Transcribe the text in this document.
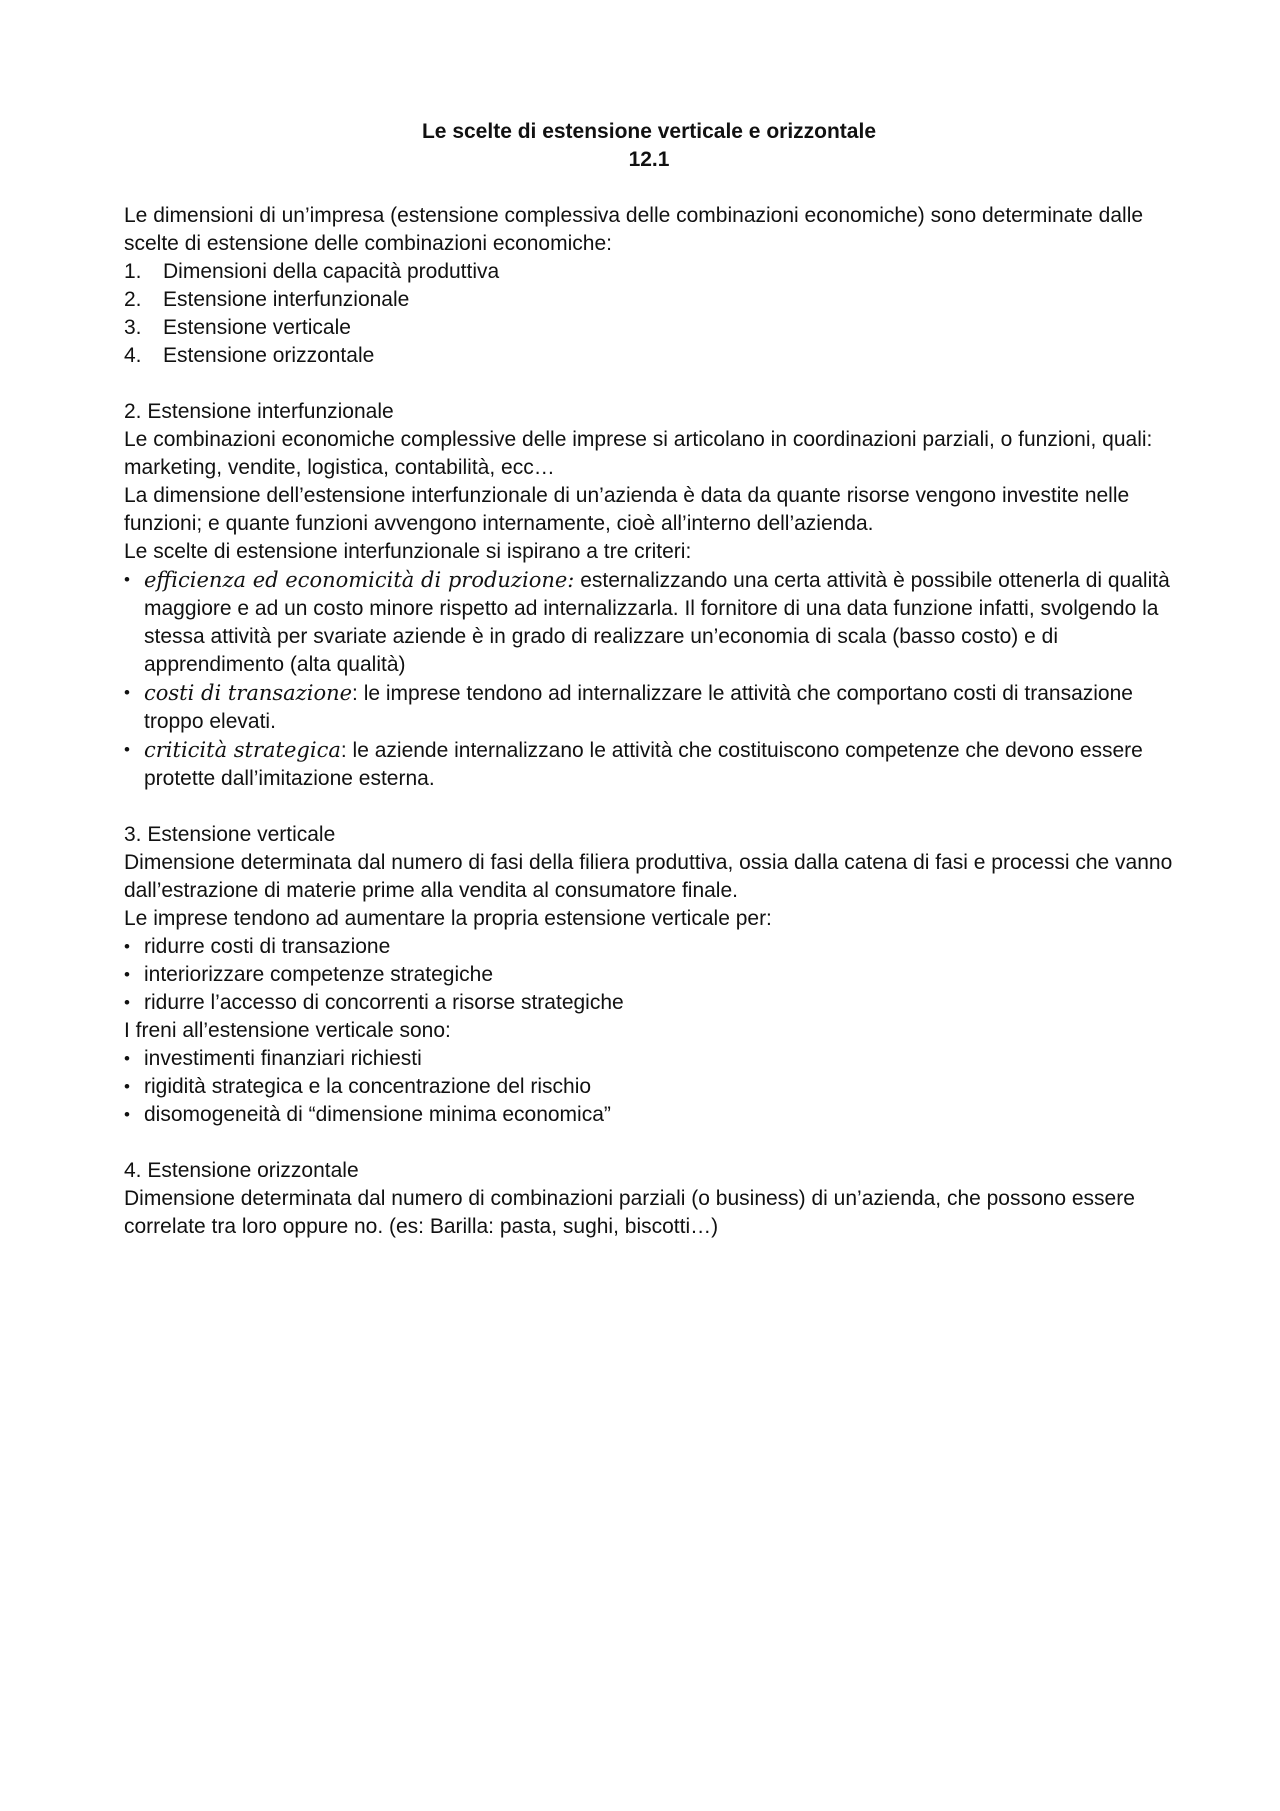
Le scelte di estensione verticale e orizzontale

12.1

Le dimensioni di un’impresa (estensione complessiva delle combinazioni economiche) sono determinate dalle scelte di estensione delle combinazioni economiche:

1.	Dimensioni della capacità produttiva
2.	Estensione interfunzionale
3.	Estensione verticale
4.	Estensione orizzontale

2. Estensione interfunzionale

Le combinazioni economiche complessive delle imprese si articolano in coordinazioni parziali, o funzioni, quali: marketing, vendite, logistica, contabilità, ecc…

La dimensione dell’estensione interfunzionale di un’azienda è data da quante risorse vengono investite nelle funzioni; e quante funzioni avvengono internamente, cioè all’interno dell’azienda.

Le scelte di estensione interfunzionale si ispirano a tre criteri:

• efficienza ed economicità di produzione: esternalizzando una certa attività è possibile ottenerla di qualità maggiore e ad un costo minore rispetto ad internalizzarla. Il fornitore di una data funzione infatti, svolgendo la stessa attività per svariate aziende è in grado di realizzare un’economia di scala (basso costo) e di apprendimento (alta qualità)
• costi di transazione: le imprese tendono ad internalizzare le attività che comportano costi di transazione troppo elevati.
• criticità strategica: le aziende internalizzano le attività che costituiscono competenze che devono essere protette dall’imitazione esterna.

3. Estensione verticale

Dimensione determinata dal numero di fasi della filiera produttiva, ossia dalla catena di fasi e processi che vanno dall’estrazione di materie prime alla vendita al consumatore finale.

Le imprese tendono ad aumentare la propria estensione verticale per:

• ridurre costi di transazione
• interiorizzare competenze strategiche
• ridurre l’accesso di concorrenti a risorse strategiche

I freni all’estensione verticale sono:

• investimenti finanziari richiesti
• rigidità strategica e la concentrazione del rischio
• disomogeneità di “dimensione minima economica”

4. Estensione orizzontale

Dimensione determinata dal numero di combinazioni parziali (o business) di un’azienda, che possono essere correlate tra loro oppure no. (es: Barilla: pasta, sughi, biscotti…)
